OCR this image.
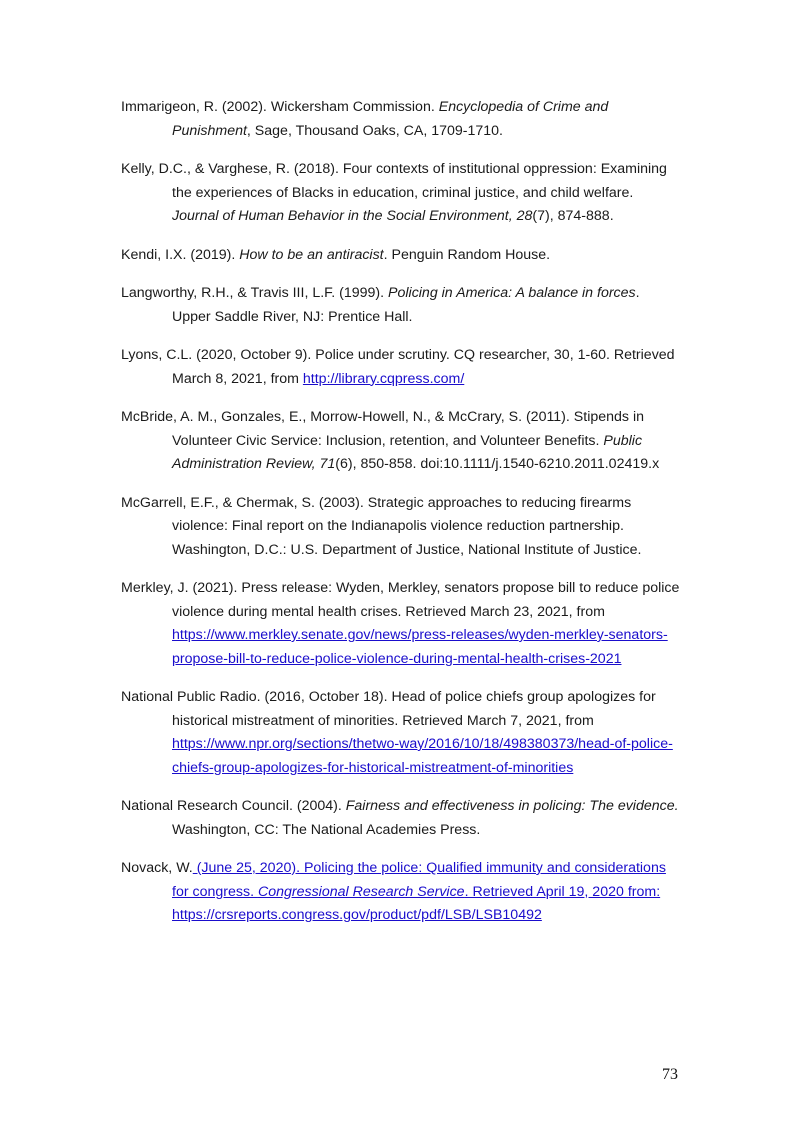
Immarigeon, R. (2002). Wickersham Commission. Encyclopedia of Crime and Punishment, Sage, Thousand Oaks, CA, 1709-1710.

Kelly, D.C., & Varghese, R. (2018). Four contexts of institutional oppression: Examining the experiences of Blacks in education, criminal justice, and child welfare. Journal of Human Behavior in the Social Environment, 28(7), 874-888.

Kendi, I.X. (2019). How to be an antiracist. Penguin Random House.

Langworthy, R.H., & Travis III, L.F. (1999). Policing in America: A balance in forces. Upper Saddle River, NJ: Prentice Hall.

Lyons, C.L. (2020, October 9). Police under scrutiny. CQ researcher, 30, 1-60. Retrieved March 8, 2021, from http://library.cqpress.com/

McBride, A. M., Gonzales, E., Morrow-Howell, N., & McCrary, S. (2011). Stipends in Volunteer Civic Service: Inclusion, retention, and Volunteer Benefits. Public Administration Review, 71(6), 850-858. doi:10.1111/j.1540-6210.2011.02419.x

McGarrell, E.F., & Chermak, S. (2003). Strategic approaches to reducing firearms violence: Final report on the Indianapolis violence reduction partnership. Washington, D.C.: U.S. Department of Justice, National Institute of Justice.

Merkley, J. (2021). Press release: Wyden, Merkley, senators propose bill to reduce police violence during mental health crises. Retrieved March 23, 2021, from https://www.merkley.senate.gov/news/press-releases/wyden-merkley-senators-propose-bill-to-reduce-police-violence-during-mental-health-crises-2021

National Public Radio. (2016, October 18). Head of police chiefs group apologizes for historical mistreatment of minorities. Retrieved March 7, 2021, from https://www.npr.org/sections/thetwo-way/2016/10/18/498380373/head-of-police-chiefs-group-apologizes-for-historical-mistreatment-of-minorities

National Research Council. (2004). Fairness and effectiveness in policing: The evidence. Washington, CC: The National Academies Press.

Novack, W. (June 25, 2020). Policing the police: Qualified immunity and considerations for congress. Congressional Research Service. Retrieved April 19, 2020 from: https://crsreports.congress.gov/product/pdf/LSB/LSB10492

73
